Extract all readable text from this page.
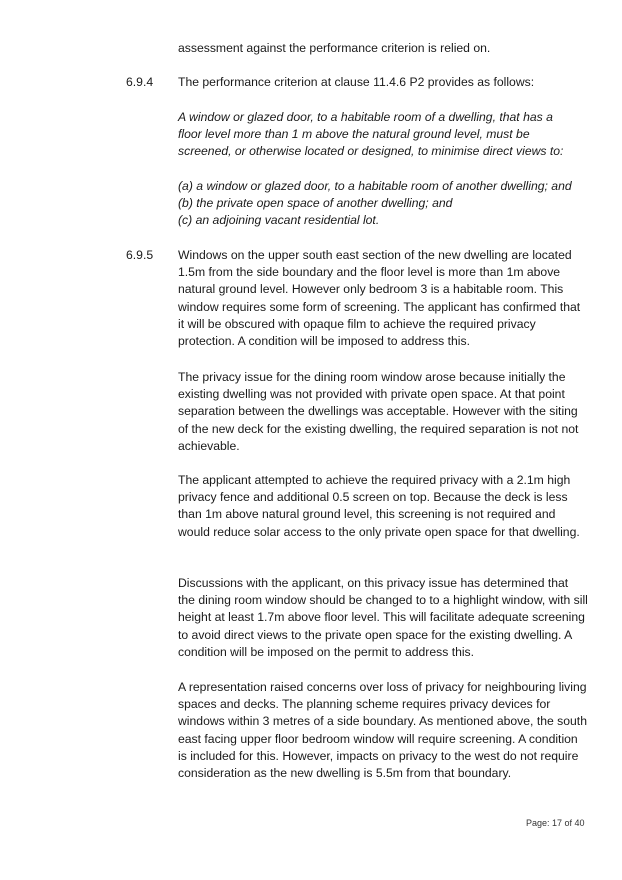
assessment against the performance criterion is relied on.
6.9.4 The performance criterion at clause 11.4.6 P2 provides as follows:
A window or glazed door, to a habitable room of a dwelling, that has a
floor level more than 1 m above the natural ground level, must be
screened, or otherwise located or designed, to minimise direct views to:
(a) a window or glazed door, to a habitable room of another dwelling; and
(b) the private open space of another dwelling; and
(c) an adjoining vacant residential lot.
6.9.5 Windows on the upper south east section of the new dwelling are located 1.5m from the side boundary and the floor level is more than 1m above natural ground level. However only bedroom 3 is a habitable room. This window requires some form of screening. The applicant has confirmed that it will be obscured with opaque film to achieve the required privacy protection. A condition will be imposed to address this.

The privacy issue for the dining room window arose because initially the existing dwelling was not provided with private open space. At that point separation between the dwellings was acceptable. However with the siting of the new deck for the existing dwelling, the required separation is not not achievable.

The applicant attempted to achieve the required privacy with a 2.1m high privacy fence and additional 0.5 screen on top. Because the deck is less than 1m above natural ground level, this screening is not required and would reduce solar access to the only private open space for that dwelling.

Discussions with the applicant, on this privacy issue has determined that the dining room window should be changed to to a highlight window, with sill height at least 1.7m above floor level. This will facilitate adequate screening to avoid direct views to the private open space for the existing dwelling. A condition will be imposed on the permit to address this.

A representation raised concerns over loss of privacy for neighbouring living spaces and decks. The planning scheme requires privacy devices for windows within 3 metres of a side boundary. As mentioned above, the south east facing upper floor bedroom window will require screening. A condition is included for this. However, impacts on privacy to the west do not require consideration as the new dwelling is 5.5m from that boundary.

Page: 17 of 40
